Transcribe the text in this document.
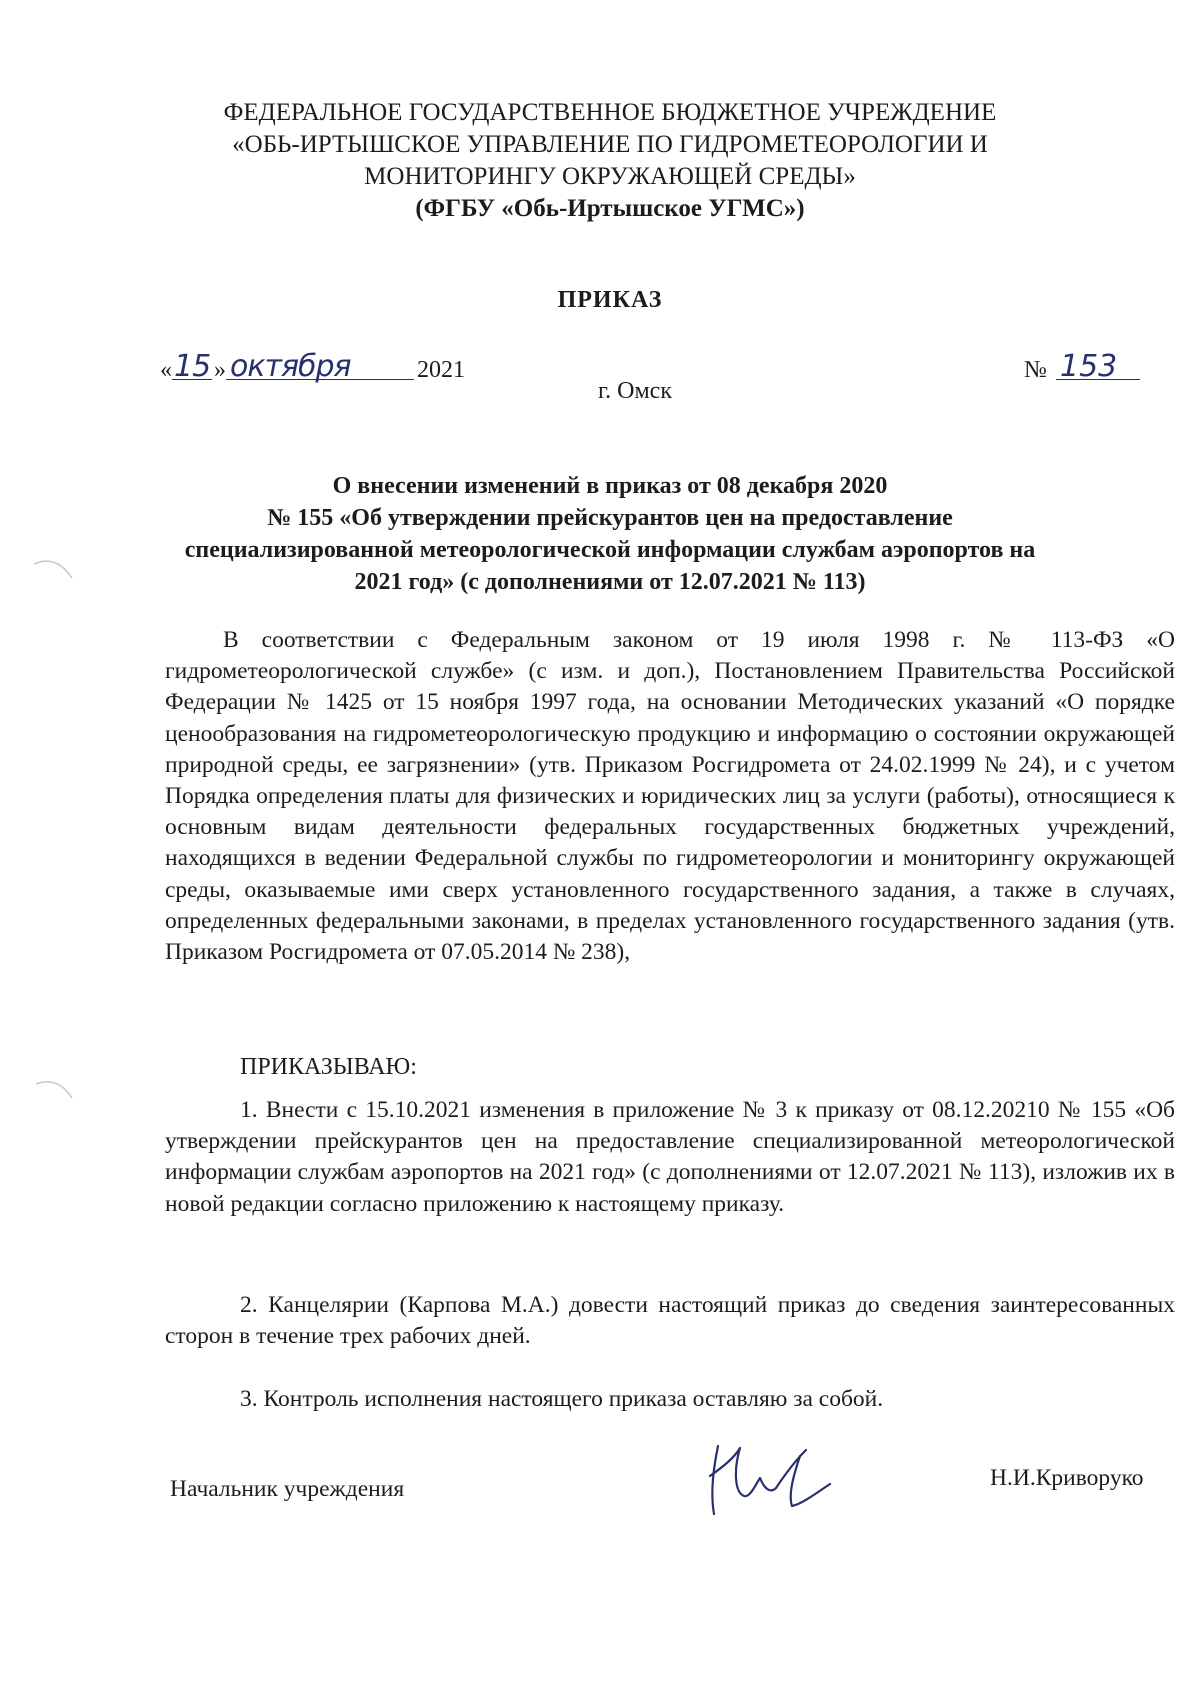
ФЕДЕРАЛЬНОЕ ГОСУДАРСТВЕННОЕ БЮДЖЕТНОЕ УЧРЕЖДЕНИЕ
«ОБЬ-ИРТЫШСКОЕ УПРАВЛЕНИЕ ПО ГИДРОМЕТЕОРОЛОГИИ И
МОНИТОРИНГУ ОКРУЖАЮЩЕЙ СРЕДЫ»
(ФГБУ «Обь-Иртышское УГМС»)
ПРИКАЗ
« 15 » октября	2021	№ 153
г. Омск
О внесении изменений в приказ от 08 декабря 2020
№ 155 «Об утверждении прейскурантов цен на предоставление
специализированной метеорологической информации службам аэропортов на
2021 год» (с дополнениями от 12.07.2021 № 113)
В соответствии с Федеральным законом от 19 июля 1998 г. № 113-ФЗ «О гидрометеорологической службе» (с изм. и доп.), Постановлением Правительства Российской Федерации № 1425 от 15 ноября 1997 года, на основании Методических указаний «О порядке ценообразования на гидрометеорологическую продукцию и информацию о состоянии окружающей природной среды, ее загрязнении» (утв. Приказом Росгидромета от 24.02.1999 № 24), и с учетом Порядка определения платы для физических и юридических лиц за услуги (работы), относящиеся к основным видам деятельности федеральных государственных бюджетных учреждений, находящихся в ведении Федеральной службы по гидрометеорологии и мониторингу окружающей среды, оказываемые ими сверх установленного государственного задания, а также в случаях, определенных федеральными законами, в пределах установленного государственного задания (утв. Приказом Росгидромета от 07.05.2014 № 238),
ПРИКАЗЫВАЮ:
1. Внести с 15.10.2021 изменения в приложение № 3 к приказу от 08.12.20210 № 155 «Об утверждении прейскурантов цен на предоставление специализированной метеорологической информации службам аэропортов на 2021 год» (с дополнениями от 12.07.2021 № 113), изложив их в новой редакции согласно приложению к настоящему приказу.
2. Канцелярии (Карпова М.А.) довести настоящий приказ до сведения заинтересованных сторон в течение трех рабочих дней.
3. Контроль исполнения настоящего приказа оставляю за собой.
Начальник учреждения	Н.И.Криворуко
